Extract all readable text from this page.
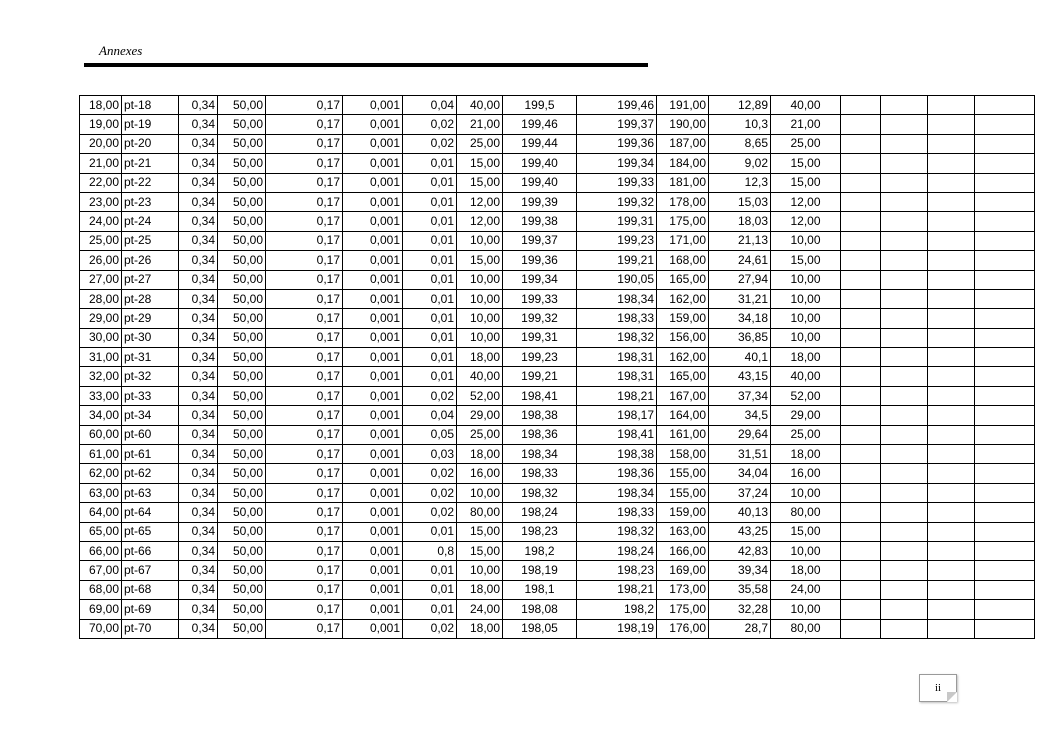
Annexes
18,00	pt-18	0,34	50,00	0,17	0,001	0,04	40,00	199,5	199,46	191,00	12,89	40,00				
19,00	pt-19	0,34	50,00	0,17	0,001	0,02	21,00	199,46	199,37	190,00	10,3	21,00				
20,00	pt-20	0,34	50,00	0,17	0,001	0,02	25,00	199,44	199,36	187,00	8,65	25,00				
21,00	pt-21	0,34	50,00	0,17	0,001	0,01	15,00	199,40	199,34	184,00	9,02	15,00				
22,00	pt-22	0,34	50,00	0,17	0,001	0,01	15,00	199,40	199,33	181,00	12,3	15,00				
23,00	pt-23	0,34	50,00	0,17	0,001	0,01	12,00	199,39	199,32	178,00	15,03	12,00				
24,00	pt-24	0,34	50,00	0,17	0,001	0,01	12,00	199,38	199,31	175,00	18,03	12,00				
25,00	pt-25	0,34	50,00	0,17	0,001	0,01	10,00	199,37	199,23	171,00	21,13	10,00				
26,00	pt-26	0,34	50,00	0,17	0,001	0,01	15,00	199,36	199,21	168,00	24,61	15,00				
27,00	pt-27	0,34	50,00	0,17	0,001	0,01	10,00	199,34	190,05	165,00	27,94	10,00				
28,00	pt-28	0,34	50,00	0,17	0,001	0,01	10,00	199,33	198,34	162,00	31,21	10,00				
29,00	pt-29	0,34	50,00	0,17	0,001	0,01	10,00	199,32	198,33	159,00	34,18	10,00				
30,00	pt-30	0,34	50,00	0,17	0,001	0,01	10,00	199,31	198,32	156,00	36,85	10,00				
31,00	pt-31	0,34	50,00	0,17	0,001	0,01	18,00	199,23	198,31	162,00	40,1	18,00				
32,00	pt-32	0,34	50,00	0,17	0,001	0,01	40,00	199,21	198,31	165,00	43,15	40,00				
33,00	pt-33	0,34	50,00	0,17	0,001	0,02	52,00	198,41	198,21	167,00	37,34	52,00				
34,00	pt-34	0,34	50,00	0,17	0,001	0,04	29,00	198,38	198,17	164,00	34,5	29,00				
60,00	pt-60	0,34	50,00	0,17	0,001	0,05	25,00	198,36	198,41	161,00	29,64	25,00				
61,00	pt-61	0,34	50,00	0,17	0,001	0,03	18,00	198,34	198,38	158,00	31,51	18,00				
62,00	pt-62	0,34	50,00	0,17	0,001	0,02	16,00	198,33	198,36	155,00	34,04	16,00				
63,00	pt-63	0,34	50,00	0,17	0,001	0,02	10,00	198,32	198,34	155,00	37,24	10,00				
64,00	pt-64	0,34	50,00	0,17	0,001	0,02	80,00	198,24	198,33	159,00	40,13	80,00				
65,00	pt-65	0,34	50,00	0,17	0,001	0,01	15,00	198,23	198,32	163,00	43,25	15,00				
66,00	pt-66	0,34	50,00	0,17	0,001	0,8	15,00	198,2	198,24	166,00	42,83	10,00				
67,00	pt-67	0,34	50,00	0,17	0,001	0,01	10,00	198,19	198,23	169,00	39,34	18,00				
68,00	pt-68	0,34	50,00	0,17	0,001	0,01	18,00	198,1	198,21	173,00	35,58	24,00				
69,00	pt-69	0,34	50,00	0,17	0,001	0,01	24,00	198,08	198,2	175,00	32,28	10,00				
70,00	pt-70	0,34	50,00	0,17	0,001	0,02	18,00	198,05	198,19	176,00	28,7	80,00				
ii
